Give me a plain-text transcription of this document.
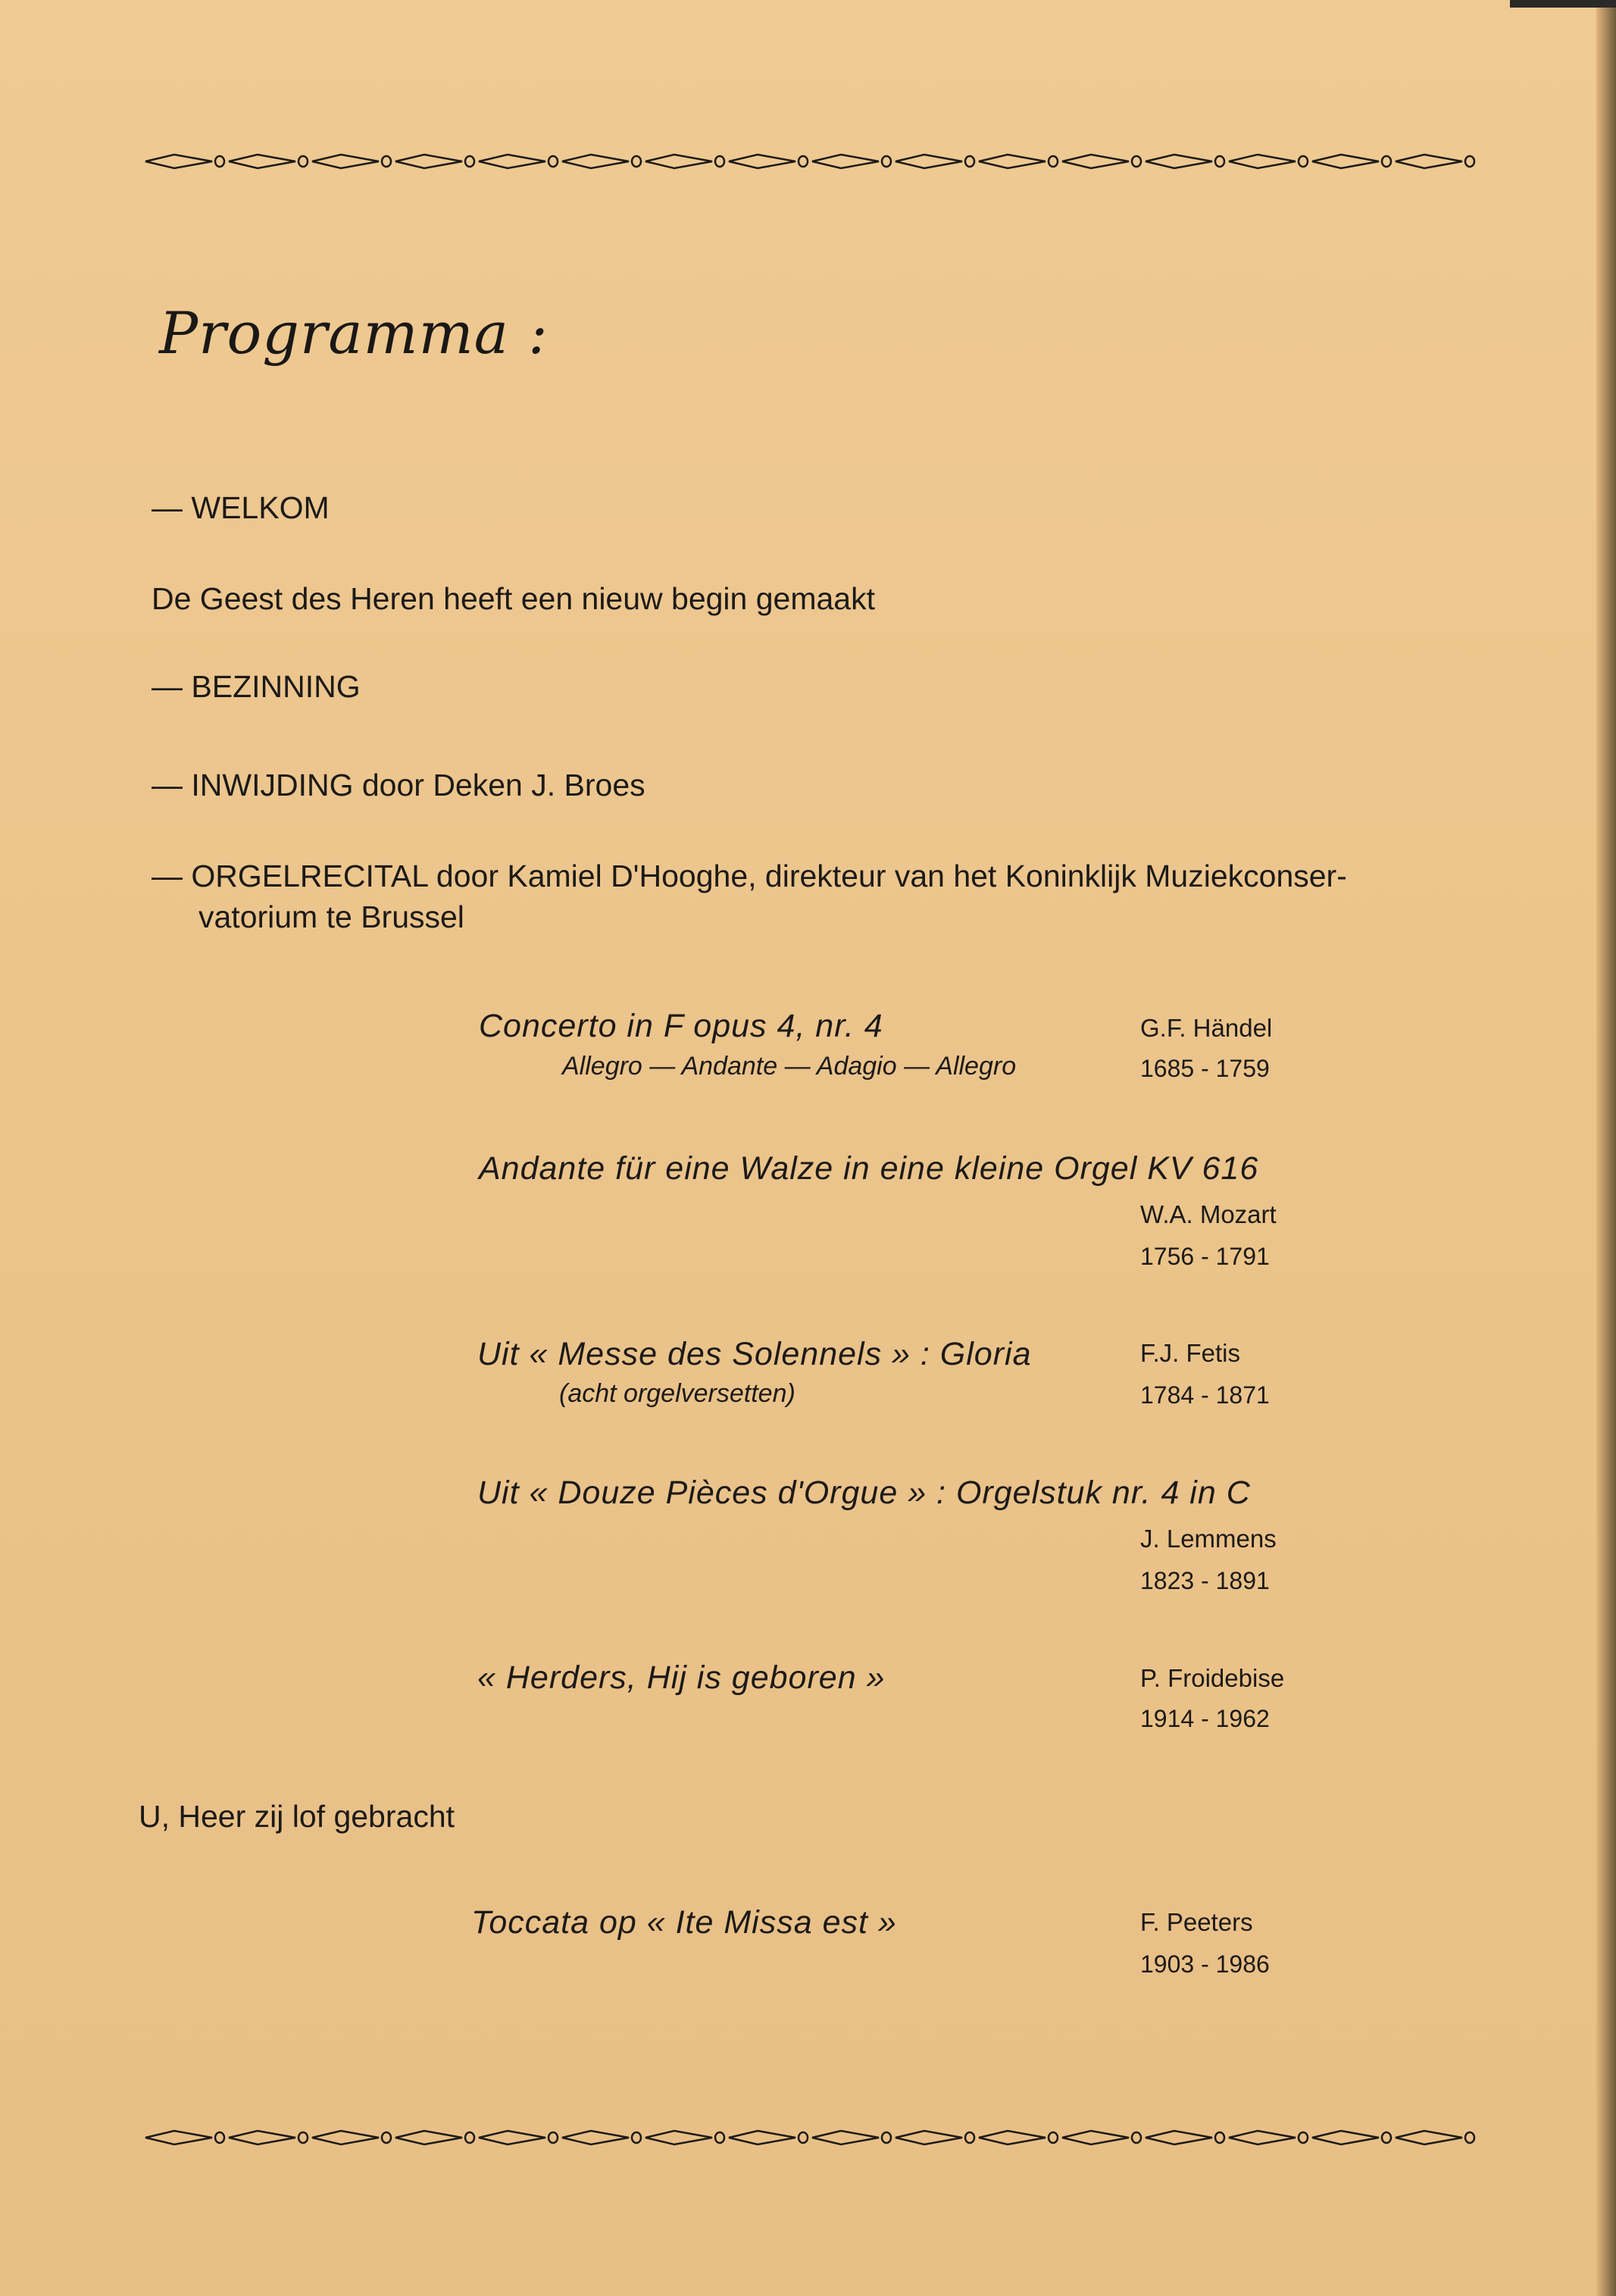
Programma :
— WELKOM
De Geest des Heren heeft een nieuw begin gemaakt
— BEZINNING
— INWIJDING door Deken J. Broes
— ORGELRECITAL door Kamiel D'Hooghe, direkteur van het Koninklijk Muziekconser-
vatorium te Brussel
Concerto in F opus 4, nr. 4
Allegro — Andante — Adagio — Allegro
G.F. Händel
1685 - 1759
Andante für eine Walze in eine kleine Orgel KV 616
W.A. Mozart
1756 - 1791
Uit « Messe des Solennels » : Gloria
(acht orgelversetten)
F.J. Fetis
1784 - 1871
Uit « Douze Pièces d'Orgue » : Orgelstuk nr. 4 in C
J. Lemmens
1823 - 1891
« Herders, Hij is geboren »	P. Froidebise
1914 - 1962
U, Heer zij lof gebracht
Toccata op « Ite Missa est »	F. Peeters
1903 - 1986
